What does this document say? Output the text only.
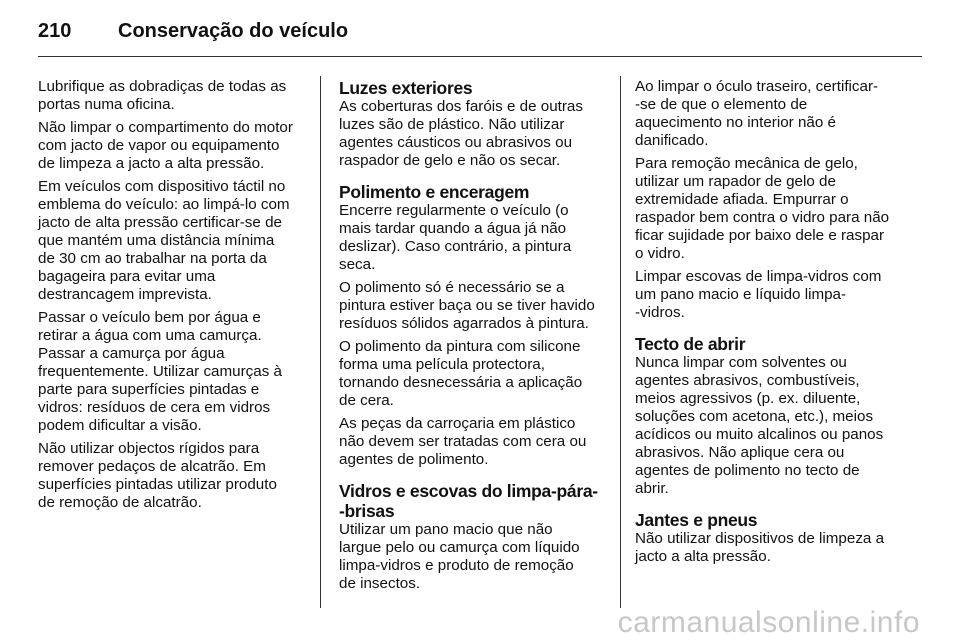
210 Conservação do veículo

Lubrifique as dobradiças de todas as
portas numa oficina.

Não limpar o compartimento do motor
com jacto de vapor ou equipamento
de limpeza a jacto a alta pressão.

Em veículos com dispositivo táctil no
emblema do veículo: ao limpá-lo com
jacto de alta pressão certificar-se de
que mantém uma distância mínima
de 30 cm ao trabalhar na porta da
bagageira para evitar uma
destrancagem imprevista.

Passar o veículo bem por água e
retirar a água com uma camurça.
Passar a camurça por água
frequentemente. Utilizar camurças à
parte para superfícies pintadas e
vidros: resíduos de cera em vidros
podem dificultar a visão.

Não utilizar objectos rígidos para
remover pedaços de alcatrão. Em
superfícies pintadas utilizar produto
de remoção de alcatrão.

Luzes exteriores

As coberturas dos faróis e de outras
luzes são de plástico. Não utilizar
agentes cáusticos ou abrasivos ou
raspador de gelo e não os secar.

Polimento e enceragem

Encerre regularmente o veículo (o
mais tardar quando a água já não
deslizar). Caso contrário, a pintura
seca.

O polimento só é necessário se a
pintura estiver baça ou se tiver havido
resíduos sólidos agarrados à pintura.

O polimento da pintura com silicone
forma uma película protectora,
tornando desnecessária a aplicação
de cera.

As peças da carroçaria em plástico
não devem ser tratadas com cera ou
agentes de polimento.

Vidros e escovas do limpa-pára-
-brisas

Utilizar um pano macio que não
largue pelo ou camurça com líquido
limpa-vidros e produto de remoção
de insectos.

Ao limpar o óculo traseiro, certificar-
-se de que o elemento de
aquecimento no interior não é
danificado.

Para remoção mecânica de gelo,
utilizar um rapador de gelo de
extremidade afiada. Empurrar o
raspador bem contra o vidro para não
ficar sujidade por baixo dele e raspar
o vidro.

Limpar escovas de limpa-vidros com
um pano macio e líquido limpa-
-vidros.

Tecto de abrir

Nunca limpar com solventes ou
agentes abrasivos, combustíveis,
meios agressivos (p. ex. diluente,
soluções com acetona, etc.), meios
acídicos ou muito alcalinos ou panos
abrasivos. Não aplique cera ou
agentes de polimento no tecto de
abrir.

Jantes e pneus

Não utilizar dispositivos de limpeza a
jacto a alta pressão.

carmanualsonline.info
